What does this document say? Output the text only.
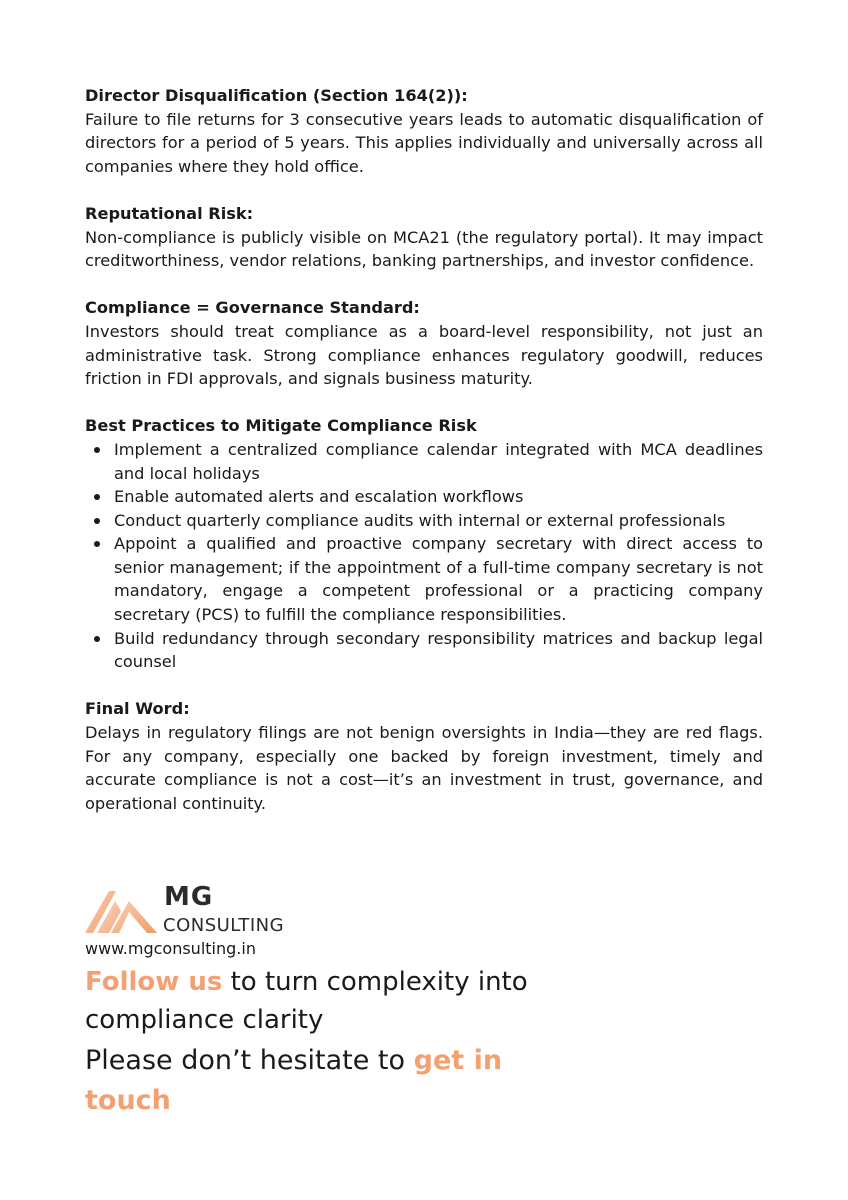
Director Disqualification (Section 164(2)):

Failure to file returns for 3 consecutive years leads to automatic disqualification of directors for a period of 5 years. This applies individually and universally across all companies where they hold office.

Reputational Risk:

Non-compliance is publicly visible on MCA21 (the regulatory portal). It may impact creditworthiness, vendor relations, banking partnerships, and investor confidence.

Compliance = Governance Standard:

Investors should treat compliance as a board-level responsibility, not just an administrative task. Strong compliance enhances regulatory goodwill, reduces friction in FDI approvals, and signals business maturity.

Best Practices to Mitigate Compliance Risk

Implement a centralized compliance calendar integrated with MCA deadlines and local holidays
Enable automated alerts and escalation workflows
Conduct quarterly compliance audits with internal or external professionals
Appoint a qualified and proactive company secretary with direct access to senior management; if the appointment of a full-time company secretary is not mandatory, engage a competent professional or a practicing company secretary (PCS) to fulfill the compliance responsibilities.
Build redundancy through secondary responsibility matrices and backup legal counsel

Final Word:

Delays in regulatory filings are not benign oversights in India—they are red flags. For any company, especially one backed by foreign investment, timely and accurate compliance is not a cost—it’s an investment in trust, governance, and operational continuity.

MG
CONSULTING
www.mgconsulting.in
Follow us to turn complexity into compliance clarity
Please don’t hesitate to get in touch
